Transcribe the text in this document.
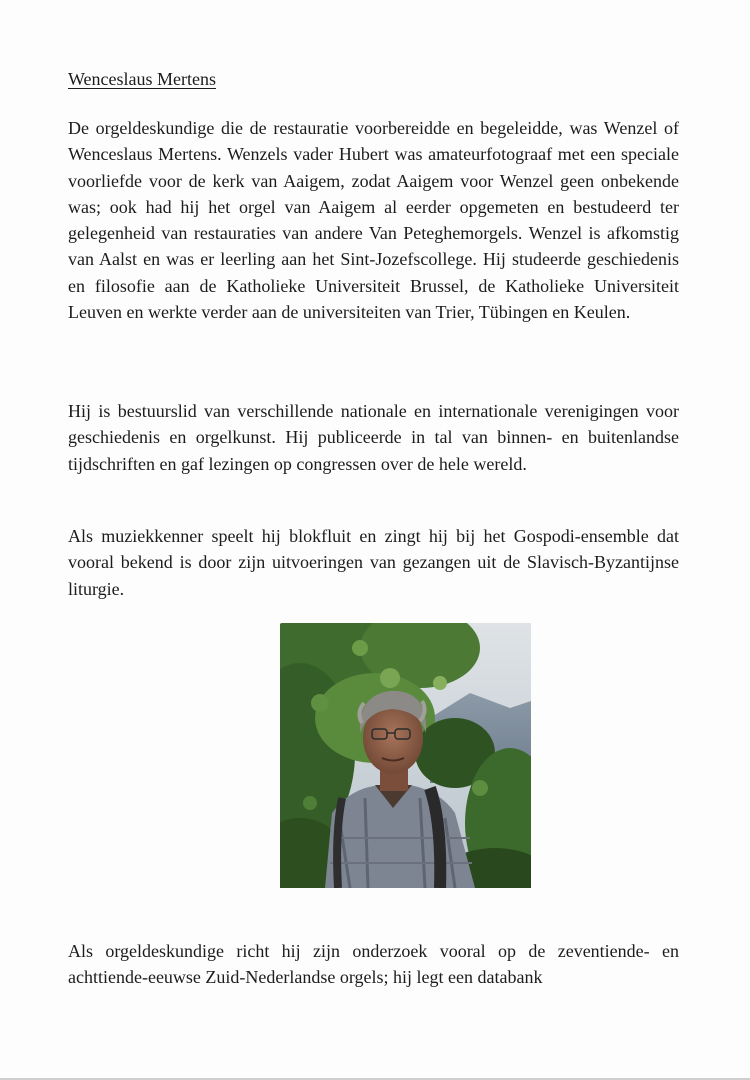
Wenceslaus Mertens

De orgeldeskundige die de restauratie voorbereidde en begeleidde, was Wenzel of Wenceslaus Mertens. Wenzels vader Hubert was amateurfotograaf met een speciale voorliefde voor de kerk van Aaigem, zodat Aaigem voor Wenzel geen onbekende was; ook had hij het orgel van Aaigem al eerder opgemeten en bestudeerd ter gelegenheid van restauraties van andere Van Peteghemorgels. Wenzel is afkomstig van Aalst en was er leerling aan het Sint-Jozefscollege. Hij studeerde geschiedenis en filosofie aan de Katholieke Universiteit Brussel, de Katholieke Universiteit Leuven en werkte verder aan de universiteiten van Trier, Tübingen en Keulen.

Hij is bestuurslid van verschillende nationale en internationale verenigingen voor geschiedenis en orgelkunst. Hij publiceerde in tal van binnen- en buitenlandse tijdschriften en gaf lezingen op congressen over de hele wereld.

Als muziekkenner speelt hij blokfluit en zingt hij bij het Gospodi-ensemble dat vooral bekend is door zijn uitvoeringen van gezangen uit de Slavisch-Byzantijnse liturgie.

Als orgeldeskundige richt hij zijn onderzoek vooral op de zeventiende- en achttiende-eeuwse Zuid-Nederlandse orgels; hij legt een databank
